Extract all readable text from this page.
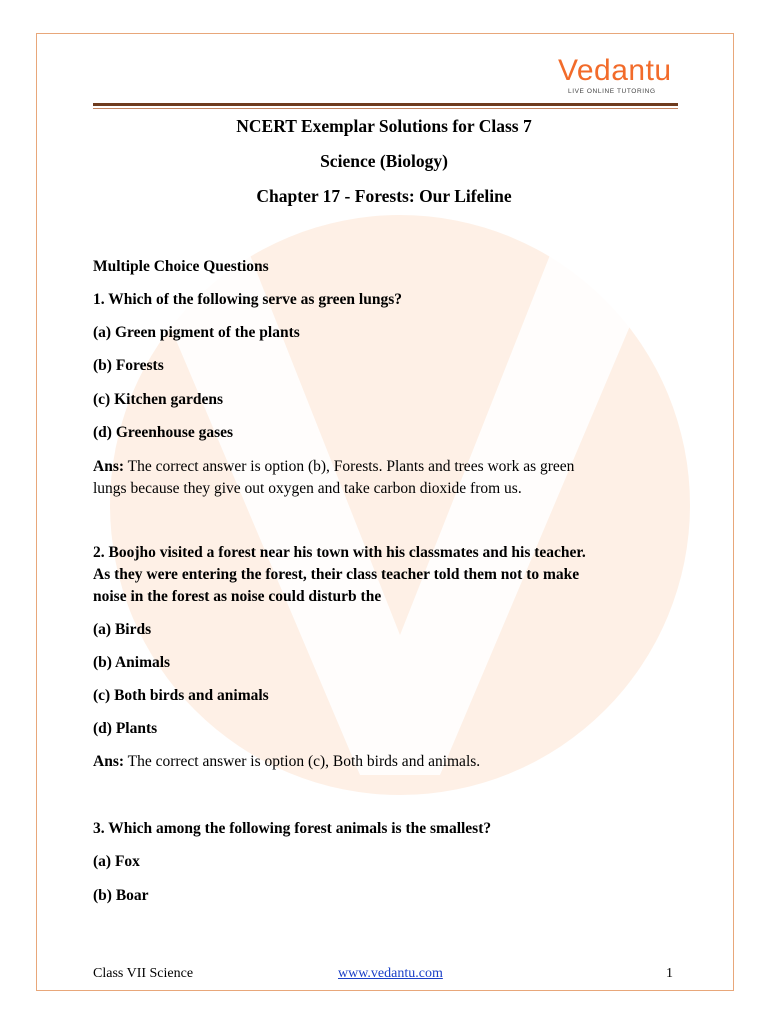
Vedantu
LIVE ONLINE TUTORING
NCERT Exemplar Solutions for Class 7
Science (Biology)
Chapter 17 - Forests: Our Lifeline
Multiple Choice Questions
1. Which of the following serve as green lungs?
(a) Green pigment of the plants
(b) Forests
(c) Kitchen gardens
(d) Greenhouse gases
Ans: The correct answer is option (b), Forests. Plants and trees work as green
lungs because they give out oxygen and take carbon dioxide from us.
2. Boojho visited a forest near his town with his classmates and his teacher.
As they were entering the forest, their class teacher told them not to make
noise in the forest as noise could disturb the
(a) Birds
(b) Animals
(c) Both birds and animals
(d) Plants
Ans: The correct answer is option (c), Both birds and animals.
3. Which among the following forest animals is the smallest?
(a) Fox
(b) Boar
Class VII Science	www.vedantu.com	1
